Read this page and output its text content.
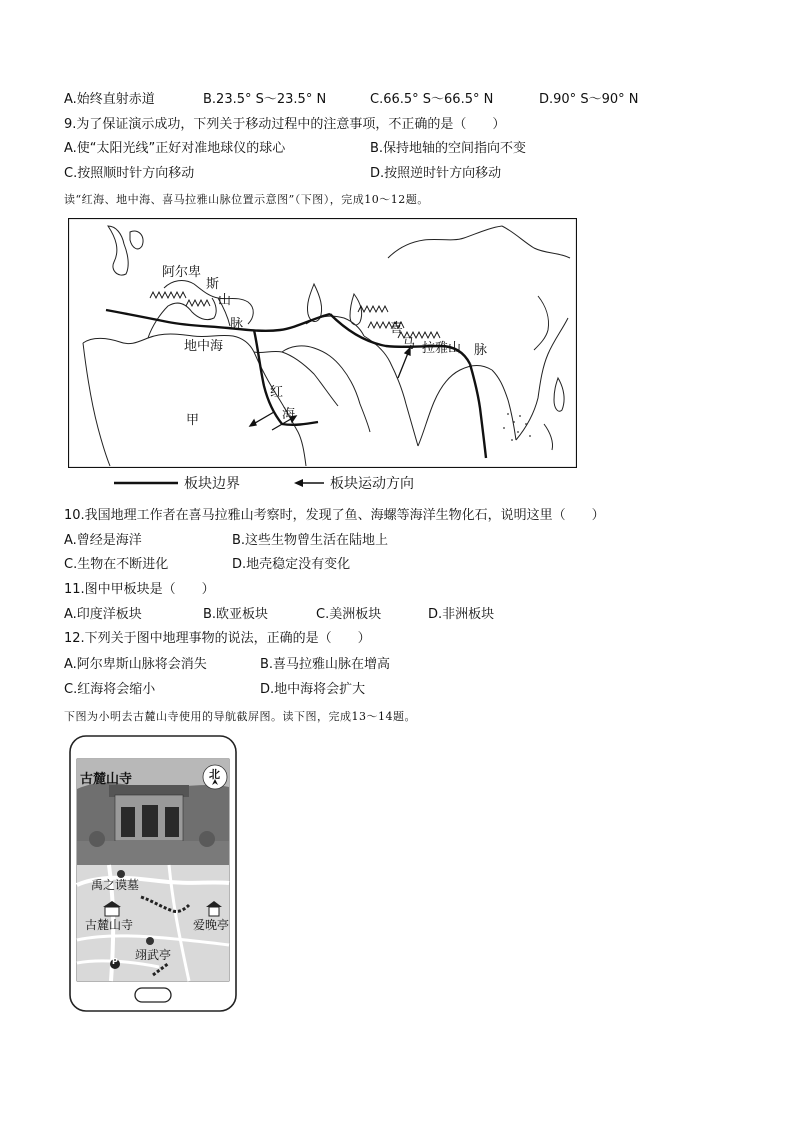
A.始终直射赤道	B.23.5° S～23.5° N	C.66.5° S～66.5° N	D.90° S～90° N
9.为了保证演示成功，下列关于移动过程中的注意事项，不正确的是（　　）
A.使“太阳光线”正好对准地球仪的球心	B.保持地轴的空间指向不变
C.按照顺时针方向移动	D.按照逆时针方向移动
读“红海、地中海、喜马拉雅山脉位置示意图”（下图），完成10～12题。
阿尔卑
斯
山
脉
地中海
红
海
甲
喜
马 拉雅山 脉
板块边界	板块运动方向
10.我国地理工作者在喜马拉雅山考察时，发现了鱼、海螺等海洋生物化石，说明这里（　　）
A.曾经是海洋	B.这些生物曾生活在陆地上
C.生物在不断进化	D.地壳稳定没有变化
11.图中甲板块是（　　）
A.印度洋板块	B.欧亚板块	C.美洲板块	D.非洲板块
12.下列关于图中地理事物的说法，正确的是（　　）
A.阿尔卑斯山脉将会消失	B.喜马拉雅山脉在增高
C.红海将会缩小	D.地中海将会扩大
下图为小明去古麓山寺使用的导航截屏图。读下图，完成13～14题。
古麓山寺	北
禹之谟墓
古麓山寺	爱晚亭
翊武亭
P
